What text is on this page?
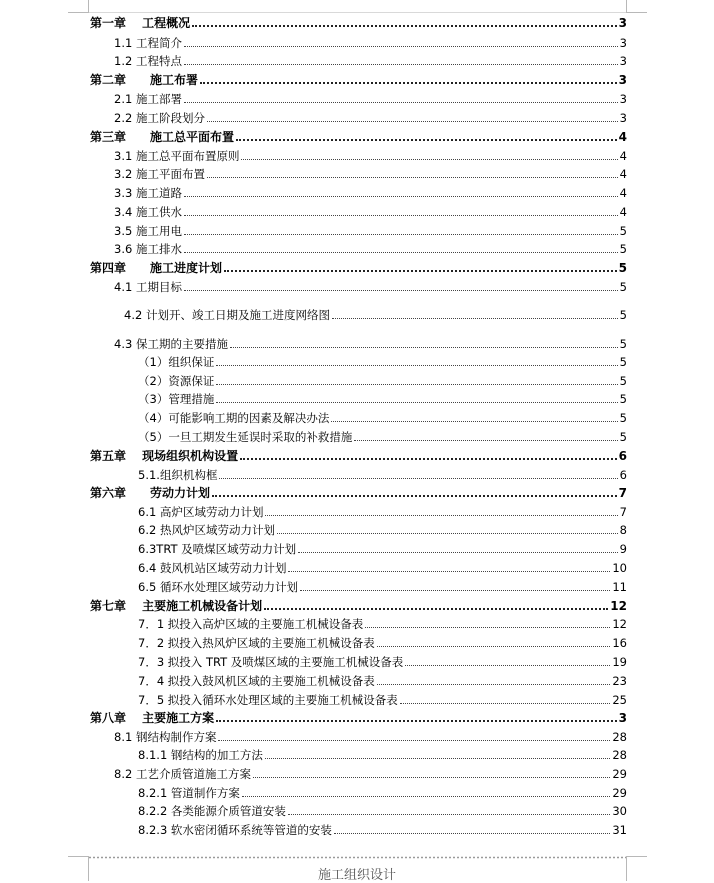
第一章　 工程概况	3
1.1 工程简介	3
1.2 工程特点	3
第二章　　施工布署	3
2.1 施工部署	3
2.2 施工阶段划分	3
第三章　　施工总平面布置	4
3.1 施工总平面布置原则	4
3.2 施工平面布置	4
3.3 施工道路	4
3.4 施工供水	4
3.5 施工用电	5
3.6 施工排水	5
第四章　　施工进度计划	5
4.1 工期目标	5
4.2 计划开、竣工日期及施工进度网络图	5
4.3 保工期的主要措施	5
（1）组织保证	5
（2）资源保证	5
（3）管理措施	5
（4）可能影响工期的因素及解决办法	5
（5）一旦工期发生延误时采取的补救措施	5
第五章　 现场组织机构设置	6
5.1.组织机构框	6
第六章　　劳动力计划	7
6.1 高炉区域劳动力计划	7
6.2 热风炉区域劳动力计划	8
6.3TRT 及喷煤区域劳动力计划	9
6.4 鼓风机站区域劳动力计划	10
6.5 循环水处理区域劳动力计划	11
第七章　 主要施工机械设备计划	12
7．1 拟投入高炉区域的主要施工机械设备表	12
7．2 拟投入热风炉区域的主要施工机械设备表	16
7．3 拟投入 TRT 及喷煤区域的主要施工机械设备表	19
7．4 拟投入鼓风机区域的主要施工机械设备表	23
7．5 拟投入循环水处理区域的主要施工机械设备表	25
第八章　 主要施工方案	3
8.1 钢结构制作方案	28
8.1.1 钢结构的加工方法	28
8.2 工艺介质管道施工方案	29
8.2.1 管道制作方案	29
8.2.2 各类能源介质管道安装	30
8.2.3 软水密闭循环系统等管道的安装	31
施工组织设计
